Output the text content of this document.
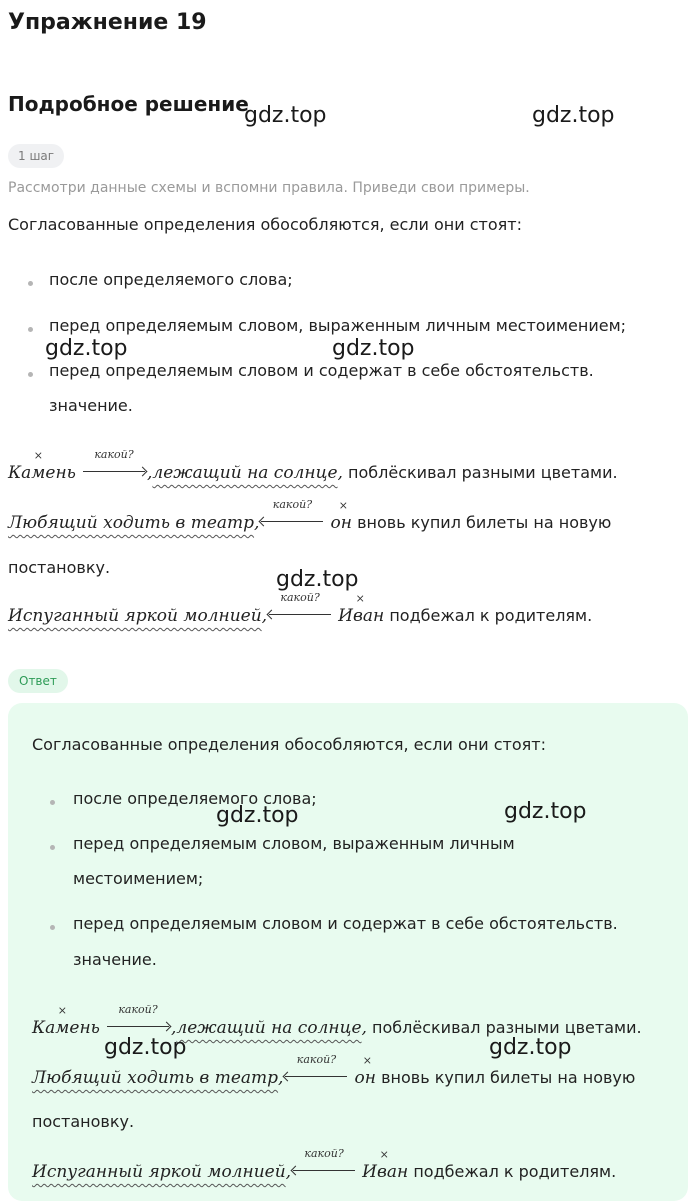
Упражнение 19
Подробное решение
1 шаг
Рассмотри данные схемы и вспомни правила. Приведи свои примеры.
Согласованные определения обособляются, если они стоят:
после определяемого слова;
перед определяемым словом, выраженным личным местоимением;
перед определяемым словом и содержат в себе обстоятельств.
значение.
× Камень
какой?
,лежащий на солнце, поблёскивал разными цветами.
Любящий ходить в театр,
какой?
× он вновь купил билеты на новую
постановку.
Испуганный яркой молнией,
какой?
× Иван подбежал к родителям.
Ответ
Согласованные определения обособляются, если они стоят:
после определяемого слова;
перед определяемым словом, выраженным личным
местоимением;
перед определяемым словом и содержат в себе обстоятельств.
значение.
× Камень
какой?
,лежащий на солнце, поблёскивал разными цветами.
Любящий ходить в театр,
какой?
× он вновь купил билеты на новую
постановку.
Испуганный яркой молнией,
какой?
× Иван подбежал к родителям.
gdz.top	gdz.top
gdz.top	gdz.top
gdz.top
gdz.top	gdz.top
gdz.top	gdz.top
